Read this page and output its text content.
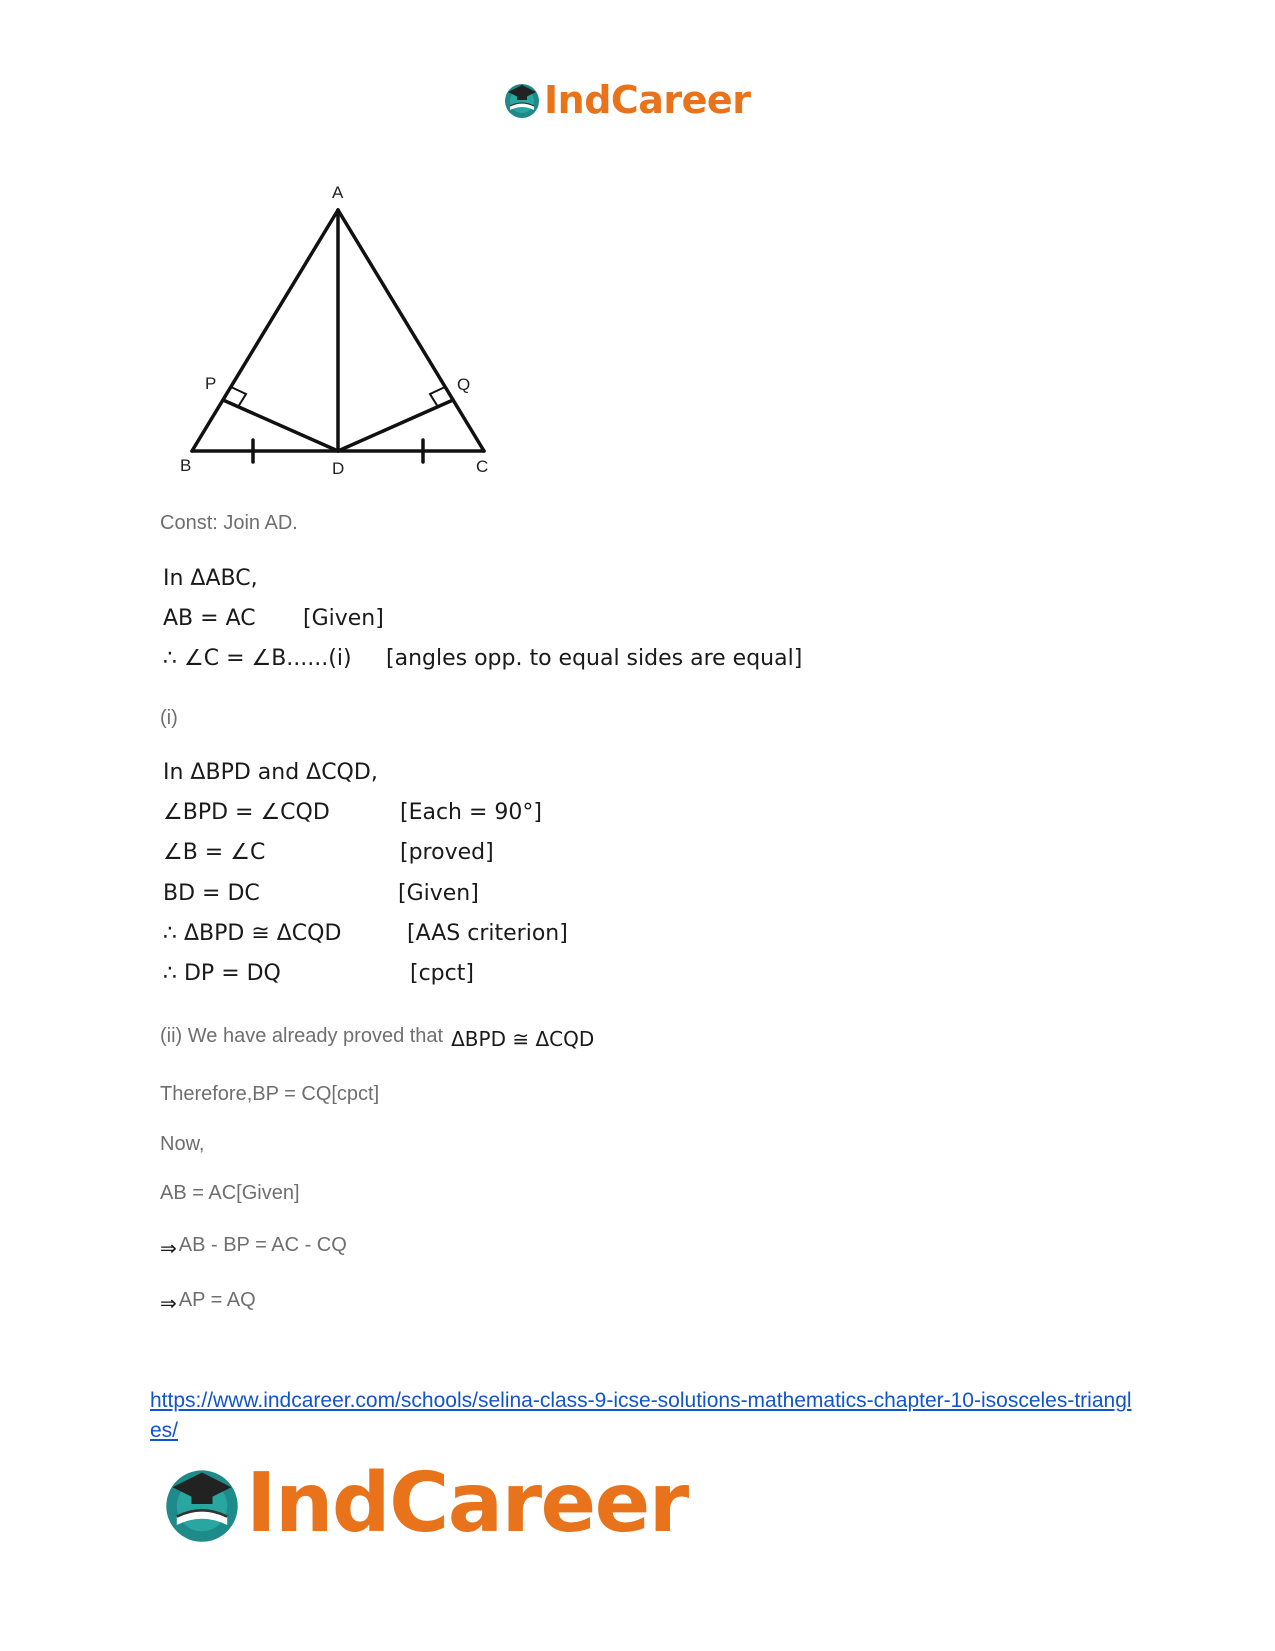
IndCareer
A
P	Q
B	D	C
Const: Join AD.
In ΔABC,
AB = AC [Given]
∴ ∠C = ∠B......(i) [angles opp. to equal sides are equal]
(i)
In ΔBPD and ΔCQD,
∠BPD = ∠CQD	[Each = 90°]
∠B = ∠C	[proved]
BD = DC	[Given]
∴ ΔBPD ≅ ΔCQD	[AAS criterion]
∴ DP = DQ	[cpct]
(ii) We have already proved that ΔBPD ≅ ΔCQD
Therefore,BP = CQ[cpct]
Now,
AB = AC[Given]
⇒ AB - BP = AC - CQ
⇒ AP = AQ
https://www.indcareer.com/schools/selina-class-9-icse-solutions-mathematics-chapter-10-isosceles-triangles/
IndCareer
